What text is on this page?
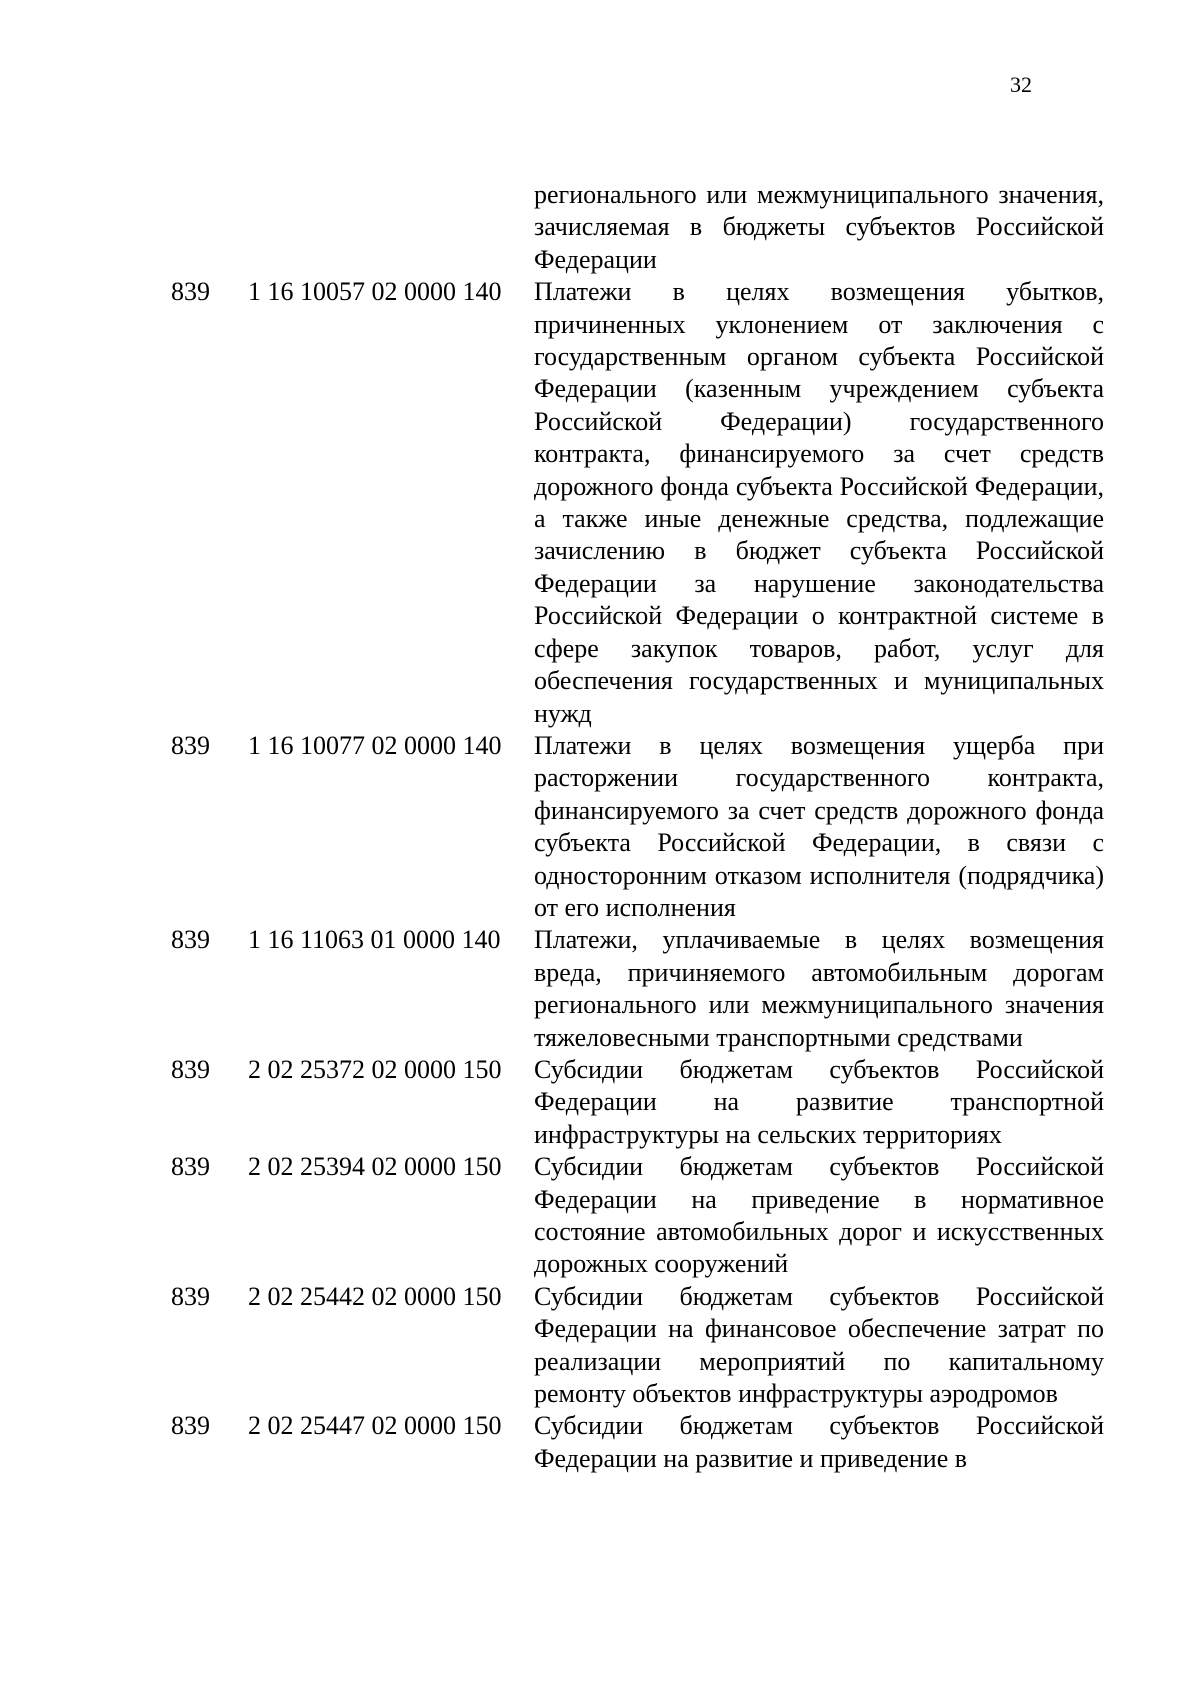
32
регионального или межмуниципального значения, зачисляемая в бюджеты субъектов Российской Федерации
839	1 16 10057 02 0000 140	Платежи в целях возмещения убытков, причиненных уклонением от заключения с государственным органом субъекта Российской Федерации (казенным учреждением субъекта Российской Федерации) государственного контракта, финансируемого за счет средств дорожного фонда субъекта Российской Федерации, а также иные денежные средства, подлежащие зачислению в бюджет субъекта Российской Федерации за нарушение законодательства Российской Федерации о контрактной системе в сфере закупок товаров, работ, услуг для обеспечения государственных и муниципальных нужд
839	1 16 10077 02 0000 140	Платежи в целях возмещения ущерба при расторжении государственного контракта, финансируемого за счет средств дорожного фонда субъекта Российской Федерации, в связи с односторонним отказом исполнителя (подрядчика) от его исполнения
839	1 16 11063 01 0000 140	Платежи, уплачиваемые в целях возмещения вреда, причиняемого автомобильным дорогам регионального или межмуниципального значения тяжеловесными транспортными средствами
839	2 02 25372 02 0000 150	Субсидии бюджетам субъектов Российской Федерации на развитие транспортной инфраструктуры на сельских территориях
839	2 02 25394 02 0000 150	Субсидии бюджетам субъектов Российской Федерации на приведение в нормативное состояние автомобильных дорог и искусственных дорожных сооружений
839	2 02 25442 02 0000 150	Субсидии бюджетам субъектов Российской Федерации на финансовое обеспечение затрат по реализации мероприятий по капитальному ремонту объектов инфраструктуры аэродромов
839	2 02 25447 02 0000 150	Субсидии бюджетам субъектов Российской Федерации на развитие и приведение в
